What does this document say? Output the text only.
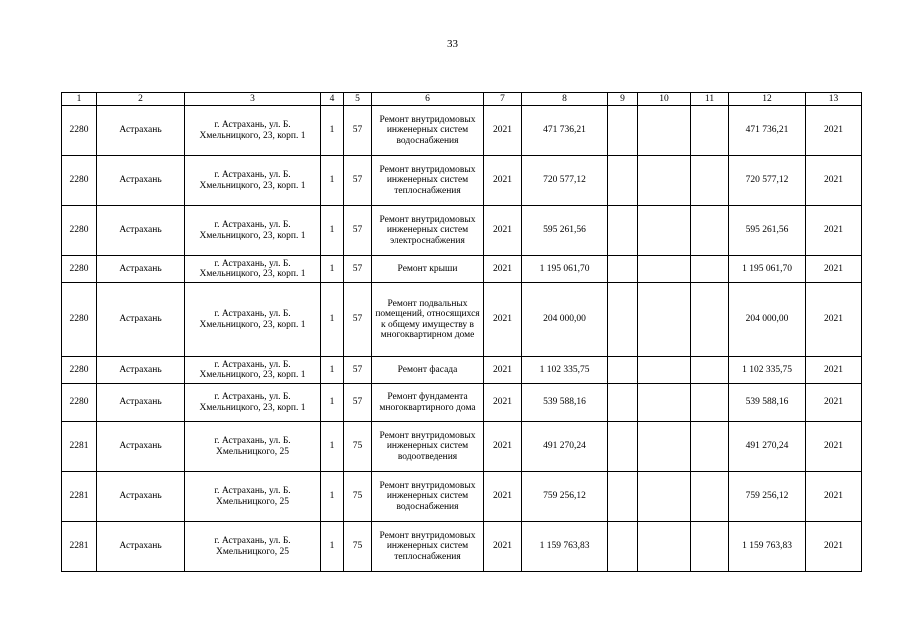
33
1	2	3	4	5	6	7	8	9	10	11	12	13
2280	Астрахань	г. Астрахань, ул. Б. Хмельницкого, 23, корп. 1	1	57	Ремонт внутридомовых инженерных систем водоснабжения	2021	471 736,21				471 736,21	2021
2280	Астрахань	г. Астрахань, ул. Б. Хмельницкого, 23, корп. 1	1	57	Ремонт внутридомовых инженерных систем теплоснабжения	2021	720 577,12				720 577,12	2021
2280	Астрахань	г. Астрахань, ул. Б. Хмельницкого, 23, корп. 1	1	57	Ремонт внутридомовых инженерных систем электроснабжения	2021	595 261,56				595 261,56	2021
2280	Астрахань	г. Астрахань, ул. Б. Хмельницкого, 23, корп. 1	1	57	Ремонт крыши	2021	1 195 061,70				1 195 061,70	2021
2280	Астрахань	г. Астрахань, ул. Б. Хмельницкого, 23, корп. 1	1	57	Ремонт подвальных помещений, относящихся к общему имуществу в многоквартирном доме	2021	204 000,00				204 000,00	2021
2280	Астрахань	г. Астрахань, ул. Б. Хмельницкого, 23, корп. 1	1	57	Ремонт фасада	2021	1 102 335,75				1 102 335,75	2021
2280	Астрахань	г. Астрахань, ул. Б. Хмельницкого, 23, корп. 1	1	57	Ремонт фундамента многоквартирного дома	2021	539 588,16				539 588,16	2021
2281	Астрахань	г. Астрахань, ул. Б. Хмельницкого, 25	1	75	Ремонт внутридомовых инженерных систем водоотведения	2021	491 270,24				491 270,24	2021
2281	Астрахань	г. Астрахань, ул. Б. Хмельницкого, 25	1	75	Ремонт внутридомовых инженерных систем водоснабжения	2021	759 256,12				759 256,12	2021
2281	Астрахань	г. Астрахань, ул. Б. Хмельницкого, 25	1	75	Ремонт внутридомовых инженерных систем теплоснабжения	2021	1 159 763,83				1 159 763,83	2021
